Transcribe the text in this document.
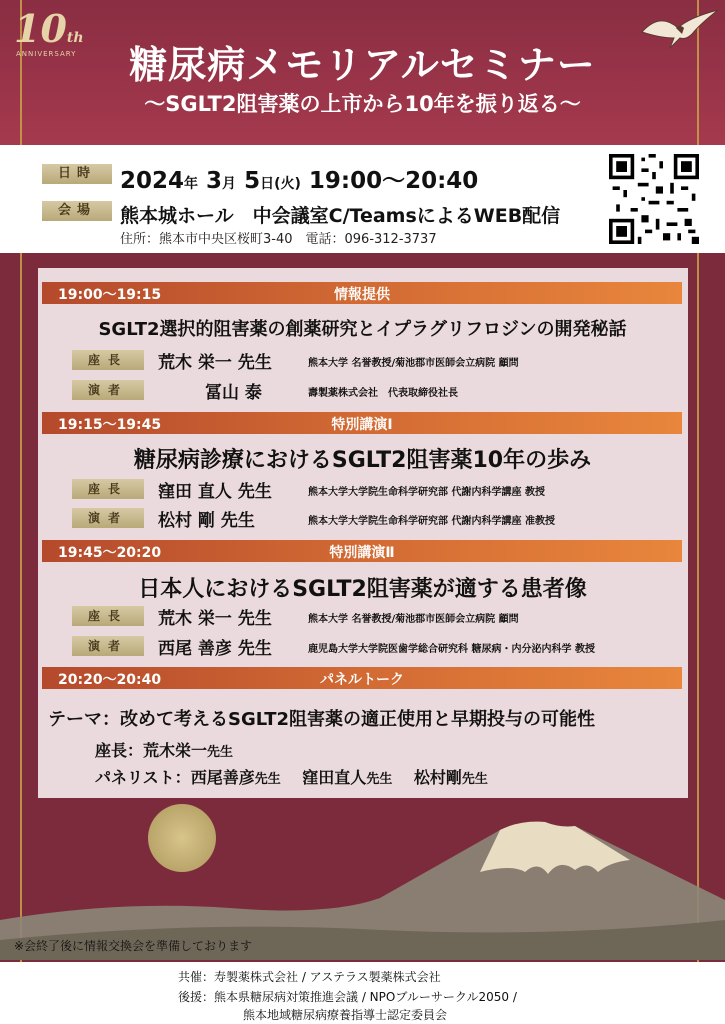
10th
ANNIVERSARY	糖尿病メモリアルセミナー
～SGLT2阻害薬の上市から10年を振り返る～
日時	2024年 3月 5日(火) 19:00～20:40
会場	熊本城ホール　中会議室C/TeamsによるWEB配信
住所：熊本市中央区桜町3-40　電話：096-312-3737
19:00～19:15	情報提供
SGLT2選択的阻害薬の創薬研究とイプラグリフロジンの開発秘話
座長	荒木 栄一 先生	熊本大学 名誉教授/菊池郡市医師会立病院 顧問
演者	冨山 泰	壽製薬株式会社　代表取締役社長
19:15～19:45	特別講演Ⅰ
糖尿病診療におけるSGLT2阻害薬10年の歩み
座長	窪田 直人 先生	熊本大学大学院生命科学研究部 代謝内科学講座 教授
演者	松村 剛 先生	熊本大学大学院生命科学研究部 代謝内科学講座 准教授
19:45～20:20	特別講演Ⅱ
日本人におけるSGLT2阻害薬が適する患者像
座長	荒木 栄一 先生	熊本大学 名誉教授/菊池郡市医師会立病院 顧問
演者	西尾 善彦 先生	鹿児島大学大学院医歯学総合研究科 糖尿病・内分泌内科学 教授
20:20～20:40	パネルトーク
テーマ：改めて考えるSGLT2阻害薬の適正使用と早期投与の可能性
座長：荒木栄一先生
パネリスト：西尾善彦先生　 窪田直人先生　 松村剛先生
※会終了後に情報交換会を準備しております
共催：寿製薬株式会社 / アステラス製薬株式会社
後援：熊本県糖尿病対策推進会議 / NPOブルーサークル2050 /
熊本地域糖尿病療養指導士認定委員会
